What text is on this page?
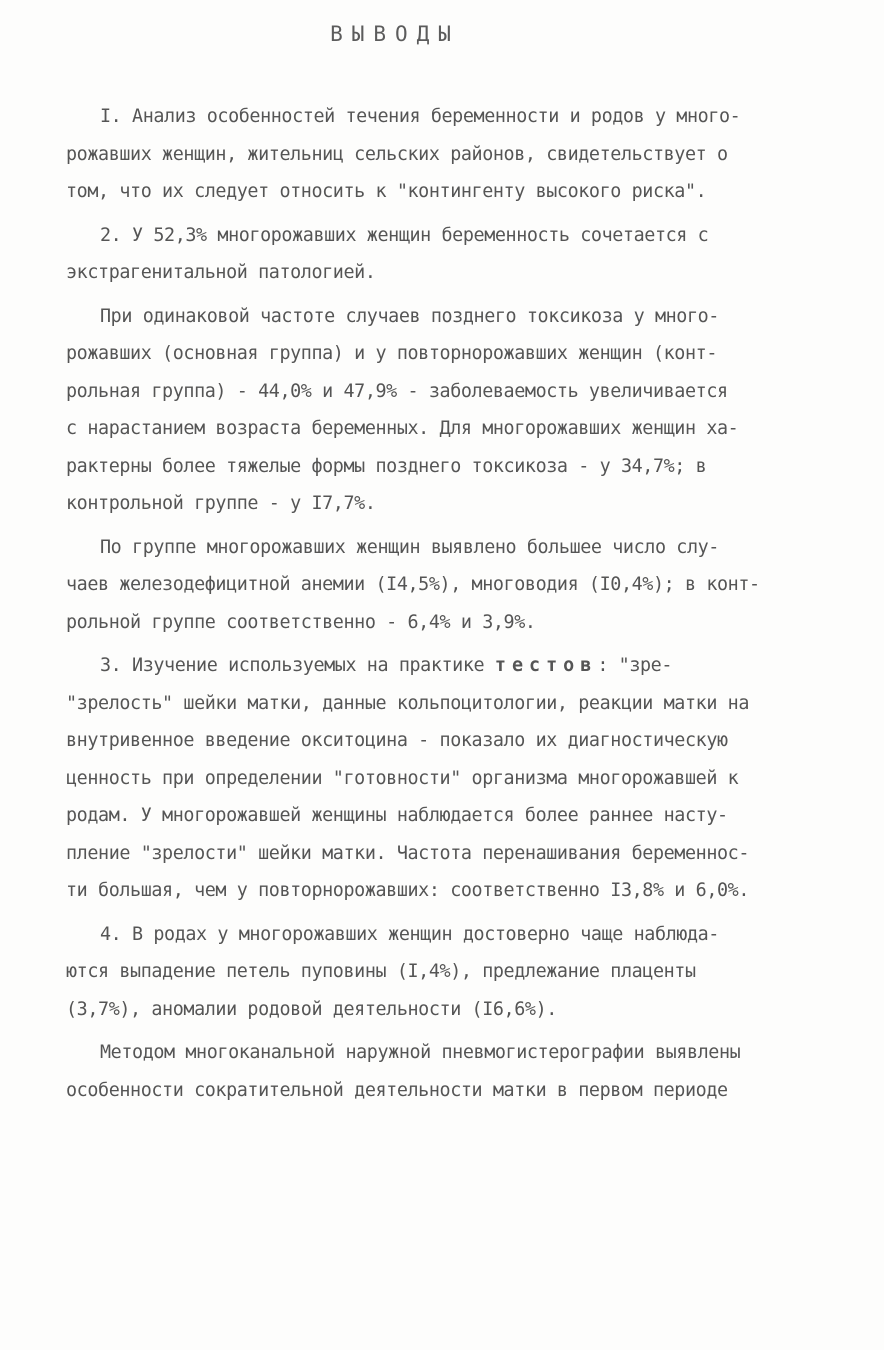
ВЫВОДЫ
I. Анализ особенностей течения беременности и родов у много-
рожавших женщин, жительниц сельских районов, свидетельствует о
том, что их следует относить к "контингенту высокого риска".
2. У 52,3% многорожавших женщин беременность сочетается с
экстрагенитальной патологией.
При одинаковой частоте случаев позднего токсикоза у много-
рожавших (основная группа) и у повторнорожавших женщин (конт-
рольная группа) - 44,0% и 47,9% - заболеваемость увеличивается
с нарастанием возраста беременных. Для многорожавших женщин ха-
рактерны более тяжелые формы позднего токсикоза - у 34,7%; в
контрольной группе - у I7,7%.
По группе многорожавших женщин выявлено большее число слу-
чаев железодефицитной анемии (I4,5%), многоводия (I0,4%); в конт-
рольной группе соответственно - 6,4% и 3,9%.
3. Изучение используемых на практике тестов: "зре-
"зрелость" шейки матки, данные кольпоцитологии, реакции матки на
внутривенное введение окситоцина - показало их диагностическую
ценность при определении "готовности" организма многорожавшей к
родам. У многорожавшей женщины наблюдается более раннее насту-
пление "зрелости" шейки матки. Частота перенашивания беременнос-
ти большая, чем у повторнорожавших: соответственно I3,8% и 6,0%.
4. В родах у многорожавших женщин достоверно чаще наблюда-
ются выпадение петель пуповины (I,4%), предлежание плаценты
(3,7%), аномалии родовой деятельности (I6,6%).
Методом многоканальной наружной пневмогистерографии выявлены
особенности сократительной деятельности матки в первом периоде
